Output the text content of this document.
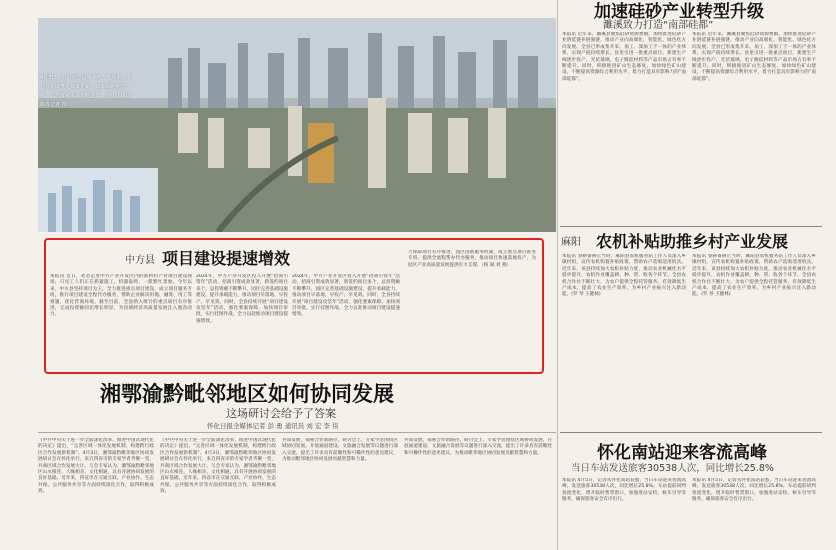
加速硅砂产业转型升级
濉溪致力打造“南部硅都”
本报讯 近年来，濉溪县聚焦硅砂资源禀赋，加快推进硅砂产业链延链补链强链，推动产业向高端化、智能化、绿色化方向发展。全县已形成集开采、加工、深加工于一体的产业体系，实现产值持续增长。县里引进一批重点项目，新建生产线逐步投产，光伏玻璃、电子级硅材料等产品市场占有率不断提升。同时，积极推进矿山生态修复，加快绿色矿山建设，不断提高资源综合利用水平，着力打造具有影响力的“南部硅都”。
本报讯 近年来，濉溪县聚焦硅砂资源禀赋，加快推进硅砂产业链延链补链强链，推动产业向高端化、智能化、绿色化方向发展。全县已形成集开采、加工、深加工于一体的产业体系，实现产值持续增长。县里引进一批重点项目，新建生产线逐步投产，光伏玻璃、电子级硅材料等产品市场占有率不断提升。同时，积极推进矿山生态修复，加快绿色矿山建设，不断提高资源综合利用水平，着力打造具有影响力的“南部硅都”。
麻阳 农机补贴助推乡村产业发展
本报讯 春耕备耕正当时，麻阳县农机服务站工作人员深入乡镇村组，宣传农机购置补贴政策，帮助农户选购适用机具。近年来，该县持续加大农机补贴力度，推动农业机械化水平稳步提升，农机作业覆盖耕、种、管、收各个环节。全县农机合作社不断壮大，为农户提供全程托管服务，有效降低生产成本，提高了农业生产效率，为乡村产业振兴注入新动能。(罗 琴 王健林)
本报讯 春耕备耕正当时，麻阳县农机服务站工作人员深入乡镇村组，宣传农机购置补贴政策，帮助农户选购适用机具。近年来，该县持续加大农机补贴力度，推动农业机械化水平稳步提升，农机作业覆盖耕、种、管、收各个环节。全县农机合作社不断壮大，为农户提供全程托管服务，有效降低生产成本，提高了农业生产效率，为乡村产业振兴注入新动能。(罗 琴 王健林)
怀化南站迎来客流高峰
当日车站发送旅客30538人次，同比增长25.8%
本报讯 4月5日，记者从怀化南站获悉，当日车站迎来客流高峰，发送旅客30538人次，同比增长25.8%。车站提前研判客流变化，增开临时售票窗口，加强进站安检、候车引导等服务，确保旅客安全有序出行。
本报讯 4月5日，记者从怀化南站获悉，当日车站迎来客流高峰，发送旅客30538人次，同比增长25.8%。车站提前研判客流变化，增开临时售票窗口，加强进站安检、候车引导等服务，确保旅客安全有序出行。
4月3日，航拍中方县城一角。近年来，中方县持续推进城市更新，城市面貌焕然一新，宜居宜业水平不断提升。（怀化日报全媒体记者 摄）
中方县 项目建设提速增效
本报讯 近日，笔者走进中方产业开发区内的新材料产业项目建设现场，只见工人们正在抓紧施工，机器轰鸣，一派繁忙景象。今年以来，中方县坚持项目为王，全力推进重点项目建设，成立项目服务专班，推行项目建设全程代办服务，帮助企业解决用地、融资、用工等难题，优化营商环境。截至目前，全县纳入统计的重点项目有序推进，完成投资额同比增长明显，为县域经济高质量发展注入强劲动力。
2024年，中方产业开发区投入开展“招商引资年”活动，招商引资成效显著，新签约项目多个，总投资额不断攀升。园区完善基础设施建设，提升承载能力，推动项目早落地、早投产、早见效。同时，全县持续开展“项目建设攻坚年”活动，强化要素保障，加快项目审批，实行挂图作战，全力以赴推动项目建设提速增效。
2024年，中方产业开发区投入开展“招商引资年”活动，招商引资成效显著，新签约项目多个，总投资额不断攀升。园区完善基础设施建设，提升承载能力，推动项目早落地、早投产、早见效。同时，全县持续开展“项目建设攻坚年”活动，强化要素保障，加快项目审批，实行挂图作战，全力以赴推动项目建设提速增效。
力保障项目有序推进，园区创新服务机制，成立重点项目推进专班，提供全流程帮办代办服务，推动项目快速落地投产，为园区产业高质量发展提供有力支撑。（杨 斌 刘 燕）
湘鄂渝黔毗邻地区如何协同发展
这场研讨会给予了答案
怀化日报全媒体记者 彭 勇 通讯员 刘 宏 李 伟
《中共中央关于进一步全面深化改革、推进中国式现代化的决定》提出，“完善区域一体化发展机制，构建跨行政区合作发展新机制”。4月3日，湘鄂渝黔毗邻地区协同发展研讨会在怀化举行，来自四省市的专家学者齐聚一堂，共商区域合作发展大计。与会专家认为，湘鄂渝黔毗邻地区山水相连、人缘相亲、文化相通，具有开展协同发展的良好基础。近年来，四省市在交通互联、产业协作、生态共保、公共服务共享等方面持续深化合作，取得积极成效。
《中共中央关于进一步全面深化改革、推进中国式现代化的决定》提出，“完善区域一体化发展机制，构建跨行政区合作发展新机制”。4月3日，湘鄂渝黔毗邻地区协同发展研讨会在怀化举行，来自四省市的专家学者齐聚一堂，共商区域合作发展大计。与会专家认为，湘鄂渝黔毗邻地区山水相连、人缘相亲、文化相通，具有开展协同发展的良好基础。近年来，四省市在交通互联、产业协作、生态共保、公共服务共享等方面持续深化合作，取得积极成效。
共谋发展，探索合作新路径。研讨会上，专家学者围绕区域协同发展、开放通道建设、文旅融合发展等议题进行深入交流，提出了许多具有前瞻性和可操作性的意见建议，为推动毗邻地区协同发展贡献智慧和力量。
共谋发展，探索合作新路径。研讨会上，专家学者围绕区域协同发展、开放通道建设、文旅融合发展等议题进行深入交流，提出了许多具有前瞻性和可操作性的意见建议，为推动毗邻地区协同发展贡献智慧和力量。
